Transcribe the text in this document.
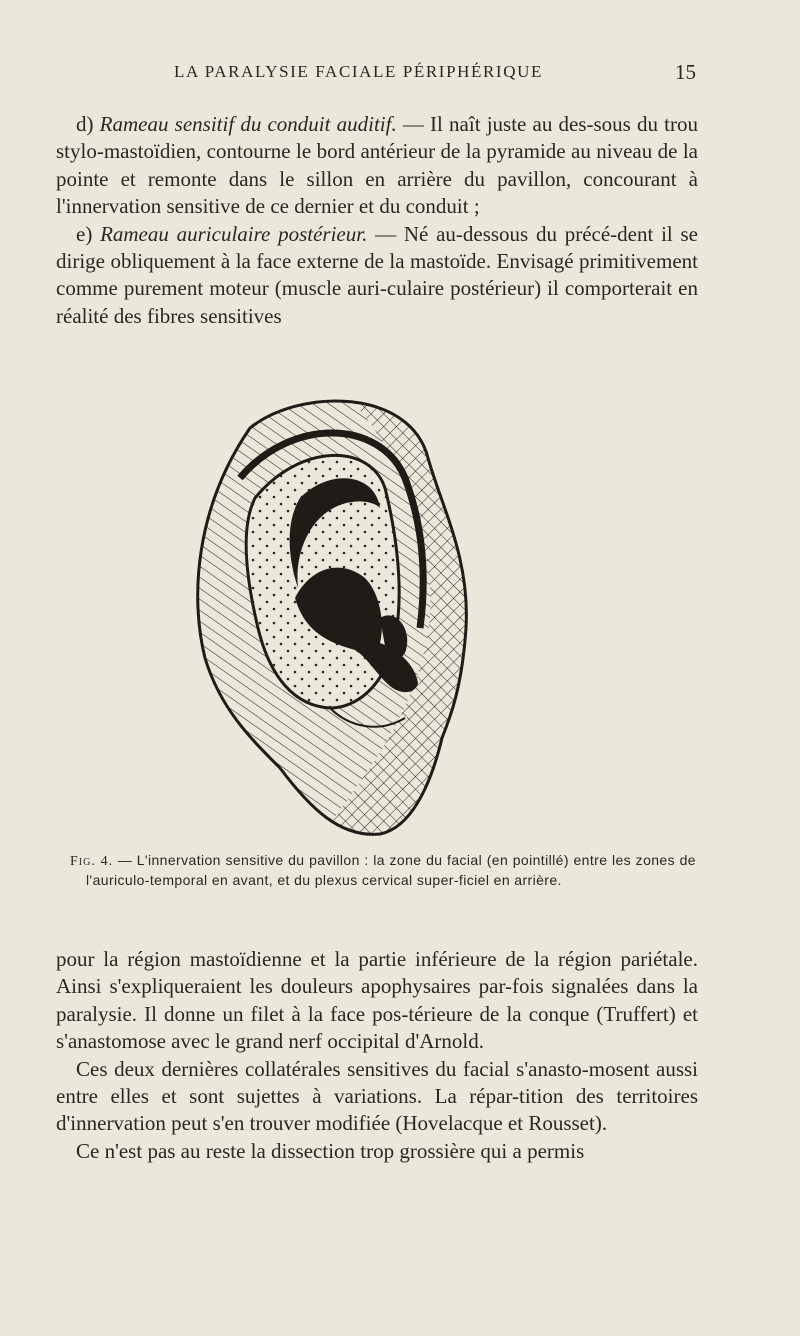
LA PARALYSIE FACIALE PÉRIPHÉRIQUE	15

d) Rameau sensitif du conduit auditif. — Il naît juste au des-sous du trou stylo-mastoïdien, contourne le bord antérieur de la pyramide au niveau de la pointe et remonte dans le sillon en arrière du pavillon, concourant à l'innervation sensitive de ce dernier et du conduit ;

e) Rameau auriculaire postérieur. — Né au-dessous du précé-dent il se dirige obliquement à la face externe de la mastoïde. Envisagé primitivement comme purement moteur (muscle auri-culaire postérieur) il comporterait en réalité des fibres sensitives

Fig. 4. — L'innervation sensitive du pavillon : la zone du facial (en pointillé) entre les zones de l'auriculo-temporal en avant, et du plexus cervical super-ficiel en arrière.

pour la région mastoïdienne et la partie inférieure de la région pariétale. Ainsi s'expliqueraient les douleurs apophysaires par-fois signalées dans la paralysie. Il donne un filet à la face pos-térieure de la conque (Truffert) et s'anastomose avec le grand nerf occipital d'Arnold.

Ces deux dernières collatérales sensitives du facial s'anasto-mosent aussi entre elles et sont sujettes à variations. La répar-tition des territoires d'innervation peut s'en trouver modifiée (Hovelacque et Rousset).

Ce n'est pas au reste la dissection trop grossière qui a permis
